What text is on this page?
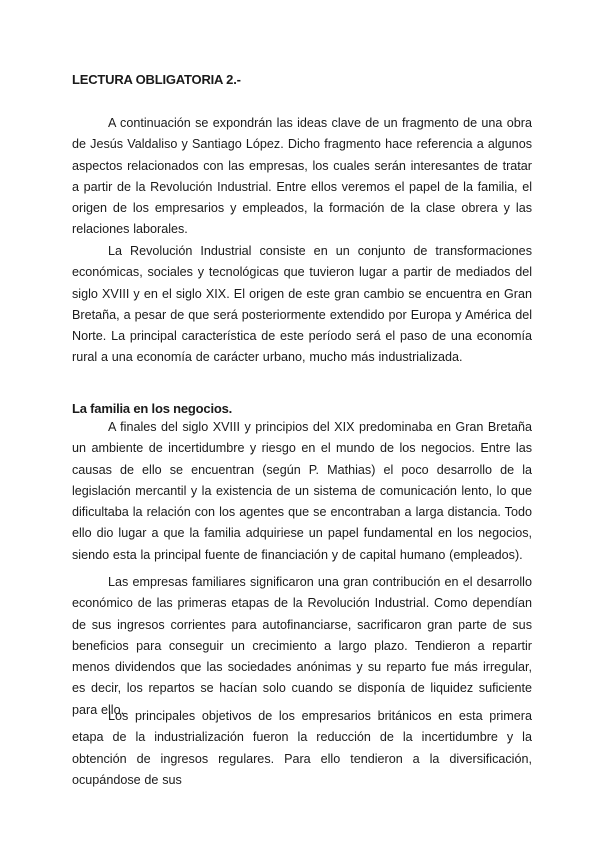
LECTURA OBLIGATORIA 2.-

A continuación se expondrán las ideas clave de un fragmento de una obra de Jesús Valdaliso y Santiago López. Dicho fragmento hace referencia a algunos aspectos relacionados con las empresas, los cuales serán interesantes de tratar a partir de la Revolución Industrial. Entre ellos veremos el papel de la familia, el origen de los empresarios y empleados, la formación de la clase obrera y las relaciones laborales.

La Revolución Industrial consiste en un conjunto de transformaciones económicas, sociales y tecnológicas que tuvieron lugar a partir de mediados del siglo XVIII y en el siglo XIX. El origen de este gran cambio se encuentra en Gran Bretaña, a pesar de que será posteriormente extendido por Europa y América del Norte. La principal característica de este período será el paso de una economía rural a una economía de carácter urbano, mucho más industrializada.

La familia en los negocios.

A finales del siglo XVIII y principios del XIX predominaba en Gran Bretaña un ambiente de incertidumbre y riesgo en el mundo de los negocios. Entre las causas de ello se encuentran (según P. Mathias) el poco desarrollo de la legislación mercantil y la existencia de un sistema de comunicación lento, lo que dificultaba la relación con los agentes que se encontraban a larga distancia. Todo ello dio lugar a que la familia adquiriese un papel fundamental en los negocios, siendo esta la principal fuente de financiación y de capital humano (empleados).

Las empresas familiares significaron una gran contribución en el desarrollo económico de las primeras etapas de la Revolución Industrial. Como dependían de sus ingresos corrientes para autofinanciarse, sacrificaron gran parte de sus beneficios para conseguir un crecimiento a largo plazo. Tendieron a repartir menos dividendos que las sociedades anónimas y su reparto fue más irregular, es decir, los repartos se hacían solo cuando se disponía de liquidez suficiente para ello.

Los principales objetivos de los empresarios británicos en esta primera etapa de la industrialización fueron la reducción de la incertidumbre y la obtención de ingresos regulares. Para ello tendieron a la diversificación, ocupándose de sus
